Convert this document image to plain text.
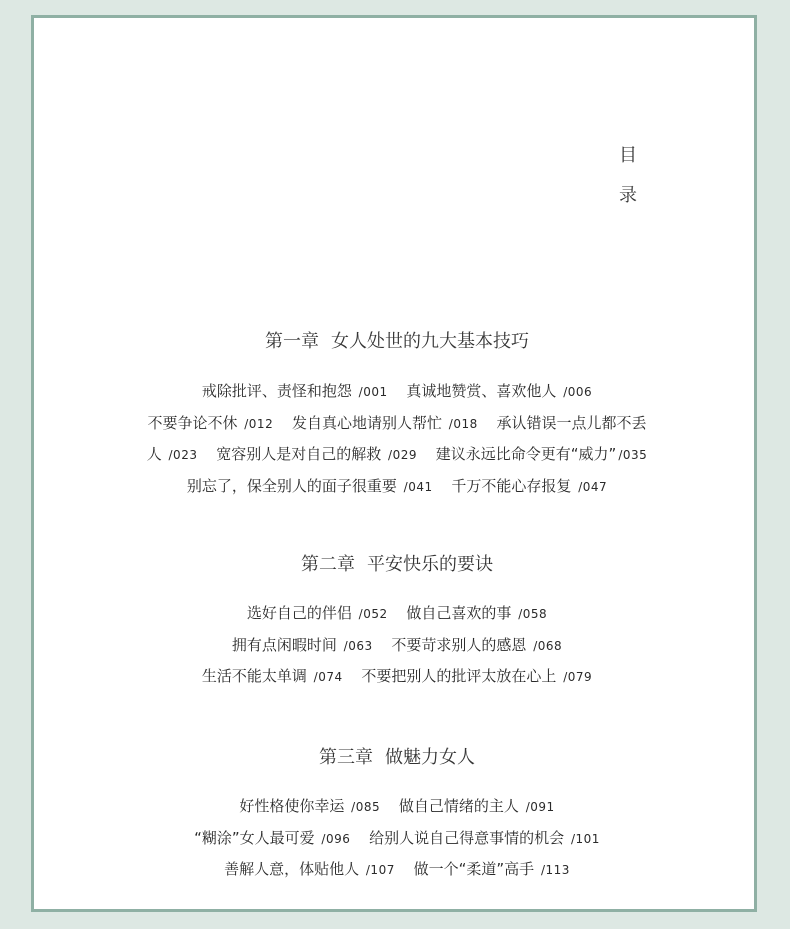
目
录
第一章 女人处世的九大基本技巧
戒除批评、责怪和抱怨 /001 真诚地赞赏、喜欢他人 /006
不要争论不休 /012 发自真心地请别人帮忙 /018 承认错误一点儿都不丢
人 /023 宽容别人是对自己的解救 /029 建议永远比命令更有“威力” /035
别忘了，保全别人的面子很重要 /041 千万不能心存报复 /047
第二章 平安快乐的要诀
选好自己的伴侣 /052 做自己喜欢的事 /058
拥有点闲暇时间 /063 不要苛求别人的感恩 /068
生活不能太单调 /074 不要把别人的批评太放在心上 /079
第三章 做魅力女人
好性格使你幸运 /085 做自己情绪的主人 /091
“糊涂”女人最可爱 /096 给别人说自己得意事情的机会 /101
善解人意，体贴他人 /107 做一个“柔道”高手 /113
